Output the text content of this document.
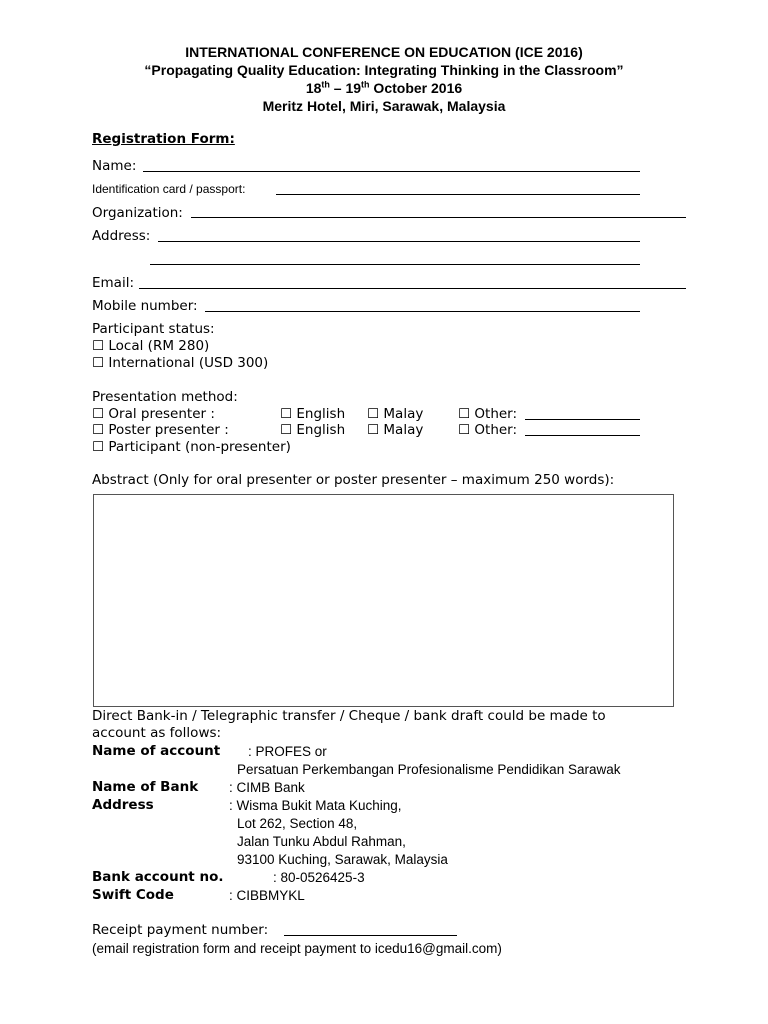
INTERNATIONAL CONFERENCE ON EDUCATION (ICE 2016)
“Propagating Quality Education: Integrating Thinking in the Classroom”
18th – 19th October 2016
Meritz Hotel, Miri, Sarawak, Malaysia
Registration Form:
Name:
Identification card / passport:
Organization:
Address:
Email:
Mobile number:
Participant status:
☐ Local (RM 280)
☐ International (USD 300)
Presentation method:
☐ Oral presenter :	☐ English ☐ Malay	☐ Other:
☐ Poster presenter :	☐ English ☐ Malay	☐ Other:
☐ Participant (non-presenter)
Abstract (Only for oral presenter or poster presenter – maximum 250 words):
Direct Bank-in / Telegraphic transfer / Cheque / bank draft could be made to
account as follows:
Name of account : PROFES or
Persatuan Perkembangan Profesionalisme Pendidikan Sarawak
Name of Bank : CIMB Bank
Address	: Wisma Bukit Mata Kuching,
Lot 262, Section 48,
Jalan Tunku Abdul Rahman,
93100 Kuching, Sarawak, Malaysia
Bank account no.	: 80-0526425-3
Swift Code	: CIBBMYKL
Receipt payment number:
(email registration form and receipt payment to icedu16@gmail.com)
